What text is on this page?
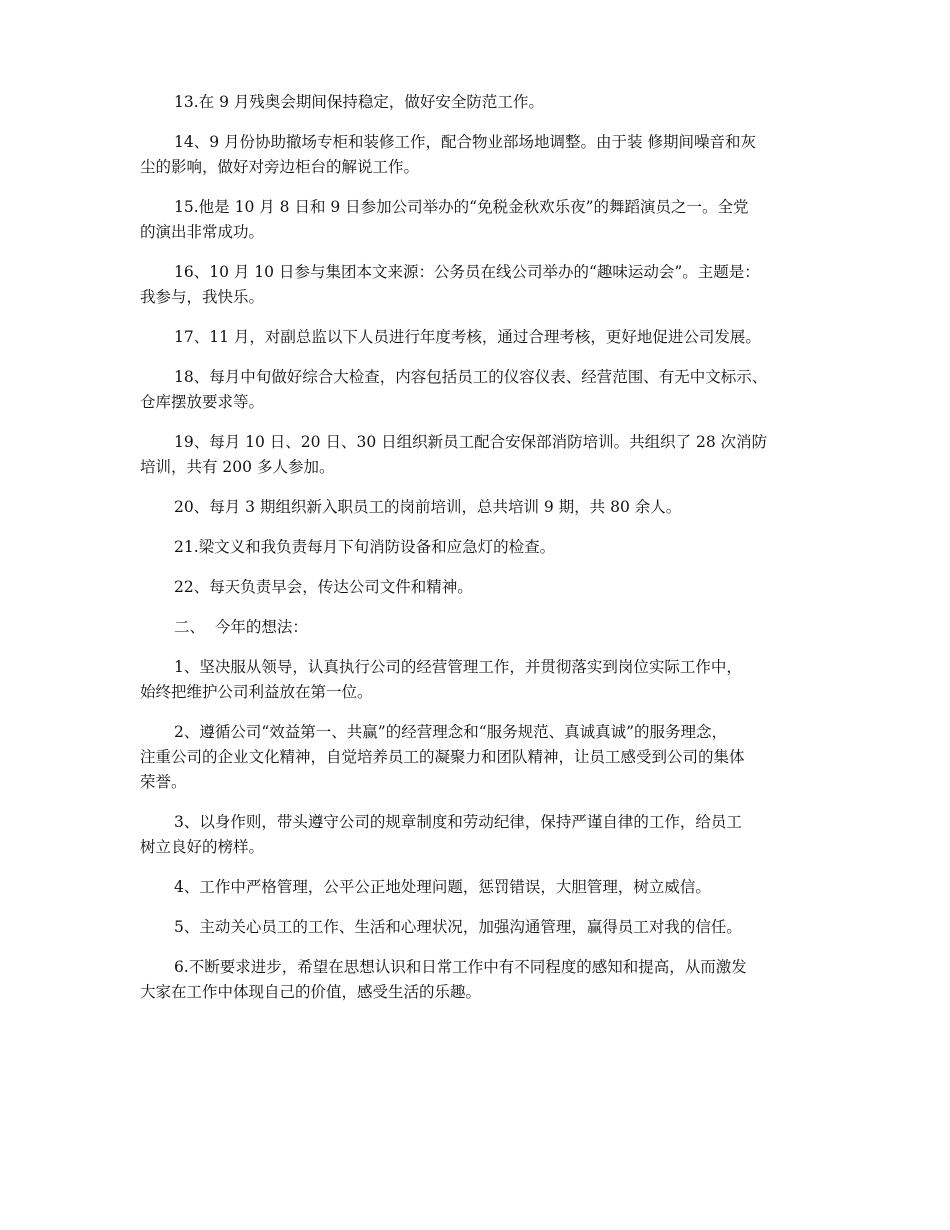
13.在 9 月残奥会期间保持稳定，做好安全防范工作。

14、9 月份协助撤场专柜和装修工作，配合物业部场地调整。由于装 修期间噪音和灰
尘的影响，做好对旁边柜台的解说工作。

15.他是 10 月 8 日和 9 日参加公司举办的“免税金秋欢乐夜”的舞蹈演员之一。全党
的演出非常成功。

16、10 月 10 日参与集团本文来源：公务员在线公司举办的“趣味运动会”。主题是：
我参与，我快乐。

17、11 月，对副总监以下人员进行年度考核，通过合理考核，更好地促进公司发展。

18、每月中旬做好综合大检查，内容包括员工的仪容仪表、经营范围、有无中文标示、
仓库摆放要求等。

19、每月 10 日、20 日、30 日组织新员工配合安保部消防培训。共组织了 28 次消防
培训，共有 200 多人参加。

20、每月 3 期组织新入职员工的岗前培训，总共培训 9 期，共 80 余人。

21.梁文义和我负责每月下旬消防设备和应急灯的检查。

22、每天负责早会，传达公司文件和精神。

二、  今年的想法：

1、坚决服从领导，认真执行公司的经营管理工作，并贯彻落实到岗位实际工作中，
始终把维护公司利益放在第一位。

2、遵循公司“效益第一、共赢”的经营理念和“服务规范、真诚真诚”的服务理念，
注重公司的企业文化精神，自觉培养员工的凝聚力和团队精神，让员工感受到公司的集体
荣誉。

3、以身作则，带头遵守公司的规章制度和劳动纪律，保持严谨自律的工作，给员工
树立良好的榜样。

4、工作中严格管理，公平公正地处理问题，惩罚错误，大胆管理，树立威信。

5、主动关心员工的工作、生活和心理状况，加强沟通管理，赢得员工对我的信任。

6.不断要求进步，希望在思想认识和日常工作中有不同程度的感知和提高，从而激发
大家在工作中体现自己的价值，感受生活的乐趣。
